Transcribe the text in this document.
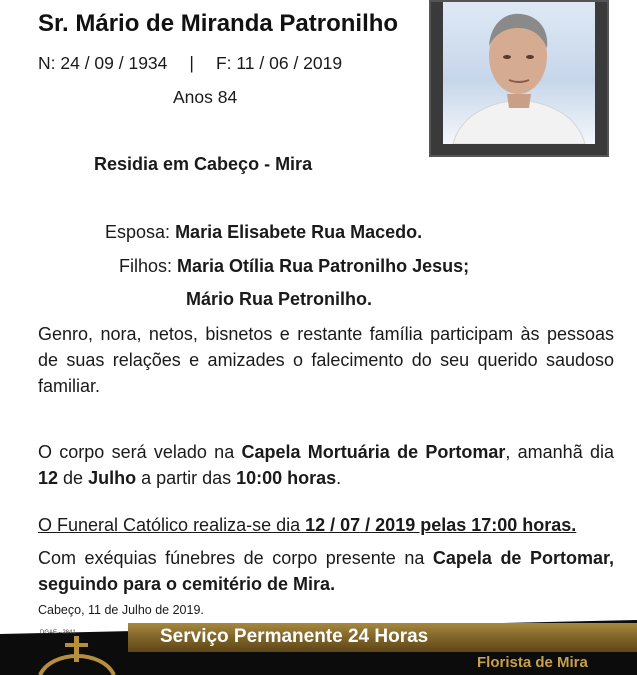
Sr. Mário de Miranda Patronilho
N: 24 / 09 / 1934 | F: 11 / 06 / 2019
Anos 84
Residia em Cabeço - Mira
Esposa: Maria Elisabete Rua Macedo.
Filhos: Maria Otília Rua Patronilho Jesus;
Mário Rua Petronilho.
Genro, nora, netos, bisnetos e restante família participam às pessoas de suas relações e amizades o falecimento do seu querido saudoso familiar.
O corpo será velado na Capela Mortuária de Portomar, amanhã dia 12 de Julho a partir das 10:00 horas.
O Funeral Católico realiza-se dia 12 / 07 / 2019 pelas 17:00 horas.
Com exéquias fúnebres de corpo presente na Capela de Portomar, seguindo para o cemitério de Mira.
Cabeço, 11 de Julho de 2019.
DGAE - 2841	Serviço Permanente 24 Horas
Florista de Mira
